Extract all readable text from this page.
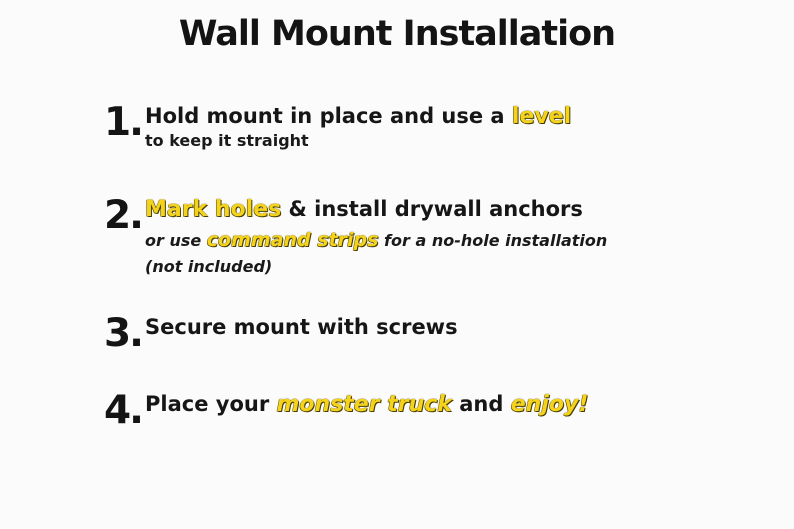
Wall Mount Installation
1. Hold mount in place and use a level
to keep it straight
2. Mark holes & install drywall anchors
or use command strips for a no-hole installation
(not included)
3. Secure mount with screws
4. Place your monster truck and enjoy!
